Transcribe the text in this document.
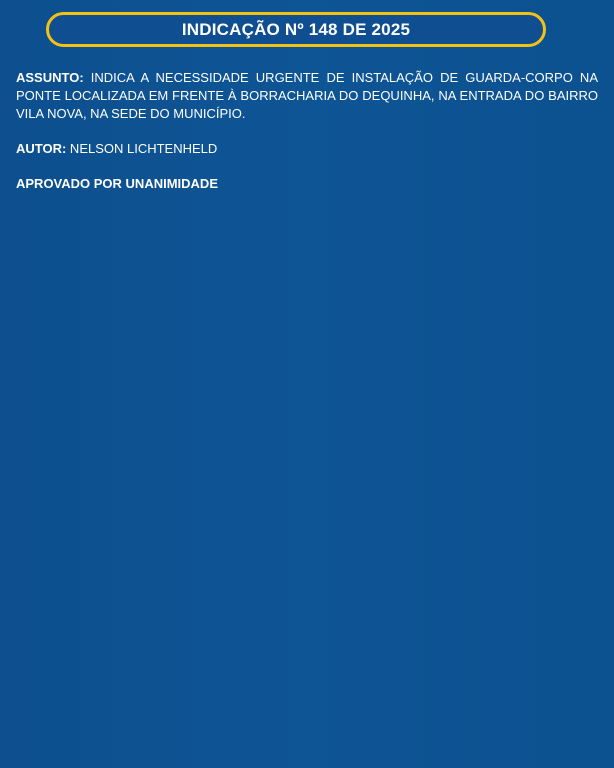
INDICAÇÃO Nº 148 DE 2025

ASSUNTO: INDICA A NECESSIDADE URGENTE DE INSTALAÇÃO DE GUARDA-CORPO NA PONTE LOCALIZADA EM FRENTE À BORRACHARIA DO DEQUINHA, NA ENTRADA DO BAIRRO VILA NOVA, NA SEDE DO MUNICÍPIO.

AUTOR: NELSON LICHTENHELD

APROVADO POR UNANIMIDADE
